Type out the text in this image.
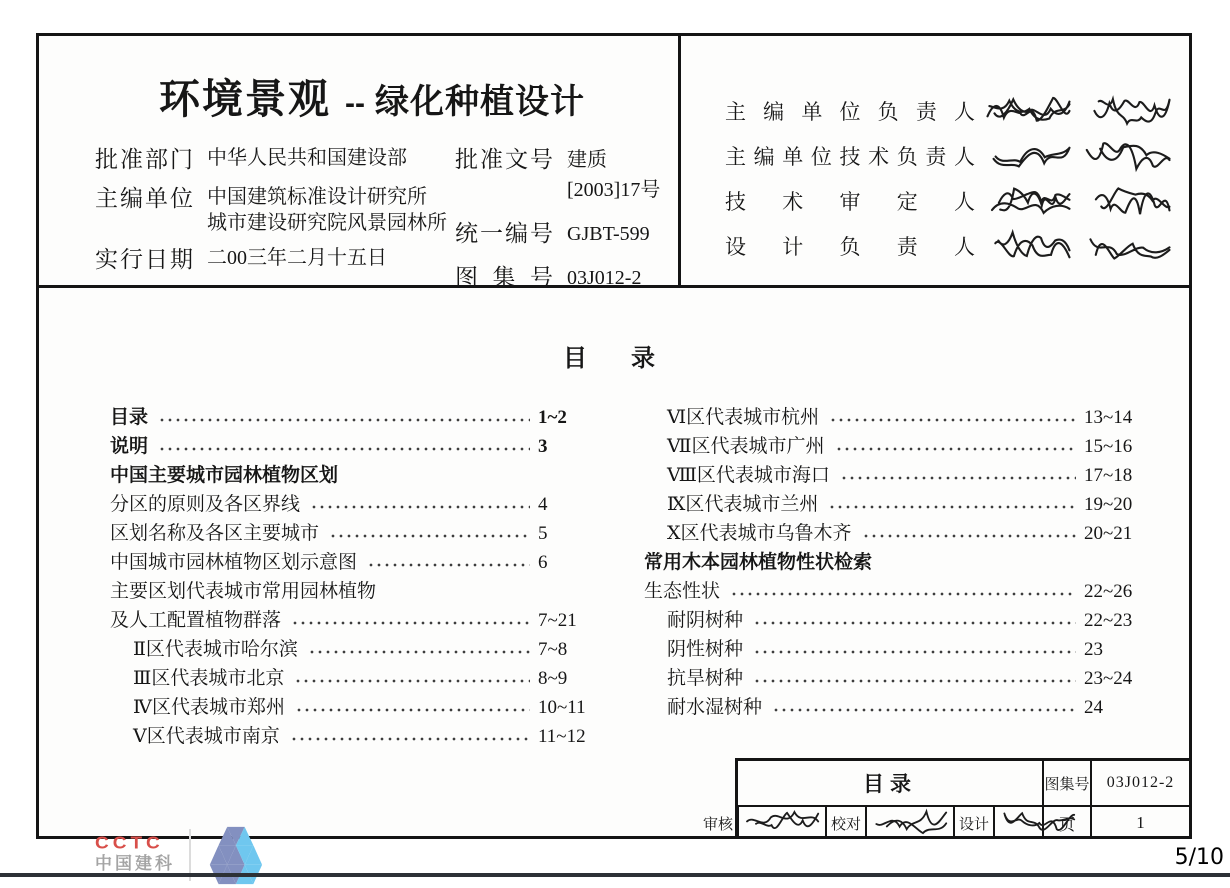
环境景观 -- 绿化种植设计
批准部门 中华人民共和国建设部
主编单位 中国建筑标准设计研究所
城市建设研究院风景园林所
实行日期 二00三年二月十五日
批准文号 建质[2003]17号
统一编号 GJBT-599
图集号 03J012-2
主编单位负责人
主编单位技术负责人
技术审定人
设计负责人
目　录
目录	1~2
说明	3
中国主要城市园林植物区划
分区的原则及各区界线	4
区划名称及各区主要城市	5
中国城市园林植物区划示意图	6
主要区划代表城市常用园林植物
及人工配置植物群落	7~21
Ⅱ区代表城市哈尔滨	7~8
Ⅲ区代表城市北京	8~9
Ⅳ区代表城市郑州	10~11
Ⅴ区代表城市南京	11~12
Ⅵ区代表城市杭州	13~14
Ⅶ区代表城市广州	15~16
Ⅷ区代表城市海口	17~18
Ⅸ区代表城市兰州	19~20
Ⅹ区代表城市乌鲁木齐	20~21
常用木本园林植物性状检索
生态性状	22~26
耐阴树种	22~23
阴性树种	23
抗旱树种	23~24
耐水湿树种	24
目录	图集号	03J012-2
审核	校对	设计	页	1
CCTC
中国建科	5/10
